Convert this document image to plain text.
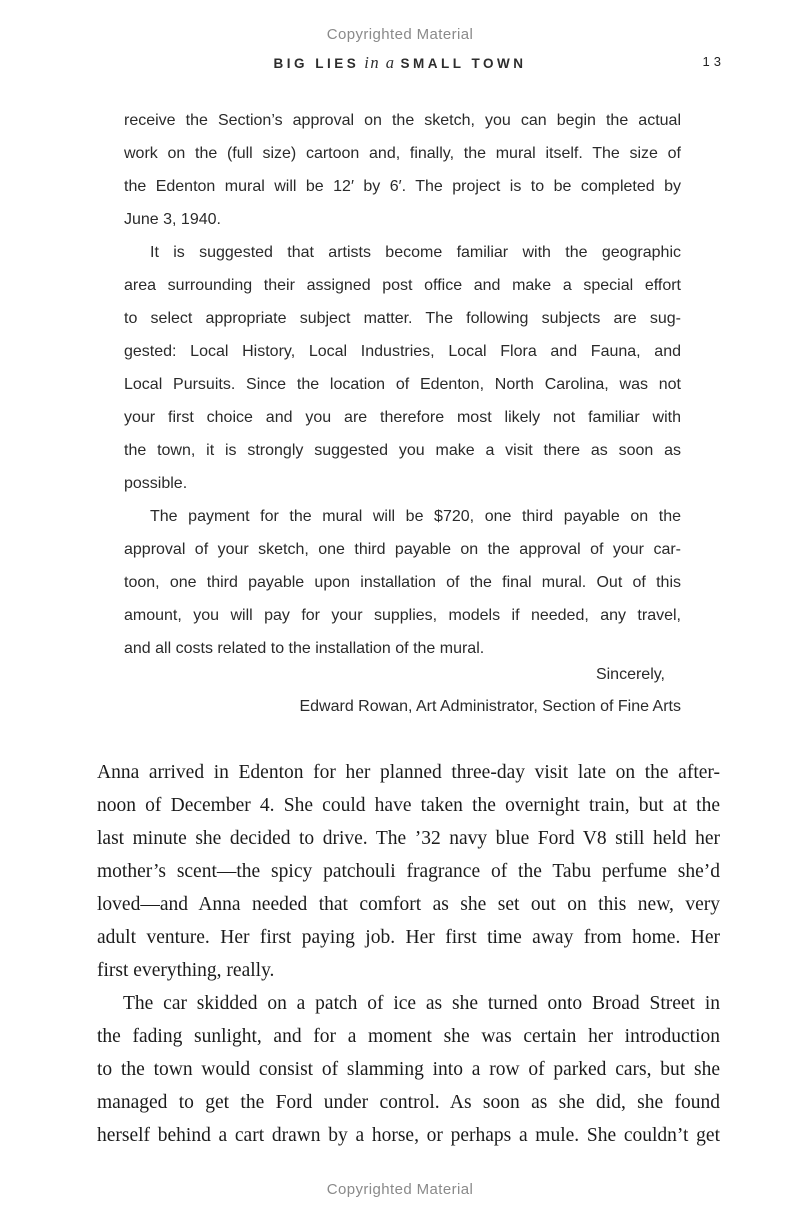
Copyrighted Material
BIG LIES in a SMALL TOWN	13
receive the Section’s approval on the sketch, you can begin the actual
work on the (full size) cartoon and, finally, the mural itself. The size of
the Edenton mural will be 12′ by 6′. The project is to be completed by
June 3, 1940.
It is suggested that artists become familiar with the geographic
area surrounding their assigned post office and make a special effort
to select appropriate subject matter. The following subjects are sug-
gested: Local History, Local Industries, Local Flora and Fauna, and
Local Pursuits. Since the location of Edenton, North Carolina, was not
your first choice and you are therefore most likely not familiar with
the town, it is strongly suggested you make a visit there as soon as
possible.
The payment for the mural will be $720, one third payable on the
approval of your sketch, one third payable on the approval of your car-
toon, one third payable upon installation of the final mural. Out of this
amount, you will pay for your supplies, models if needed, any travel,
and all costs related to the installation of the mural.
Sincerely,
Edward Rowan, Art Administrator, Section of Fine Arts
Anna arrived in Edenton for her planned three-day visit late on the after-
noon of December 4. She could have taken the overnight train, but at the
last minute she decided to drive. The ’32 navy blue Ford V8 still held her
mother’s scent—the spicy patchouli fragrance of the Tabu perfume she’d
loved—and Anna needed that comfort as she set out on this new, very
adult venture. Her first paying job. Her first time away from home. Her
first everything, really.
The car skidded on a patch of ice as she turned onto Broad Street in
the fading sunlight, and for a moment she was certain her introduction
to the town would consist of slamming into a row of parked cars, but she
managed to get the Ford under control. As soon as she did, she found
herself behind a cart drawn by a horse, or perhaps a mule. She couldn’t get
Copyrighted Material
